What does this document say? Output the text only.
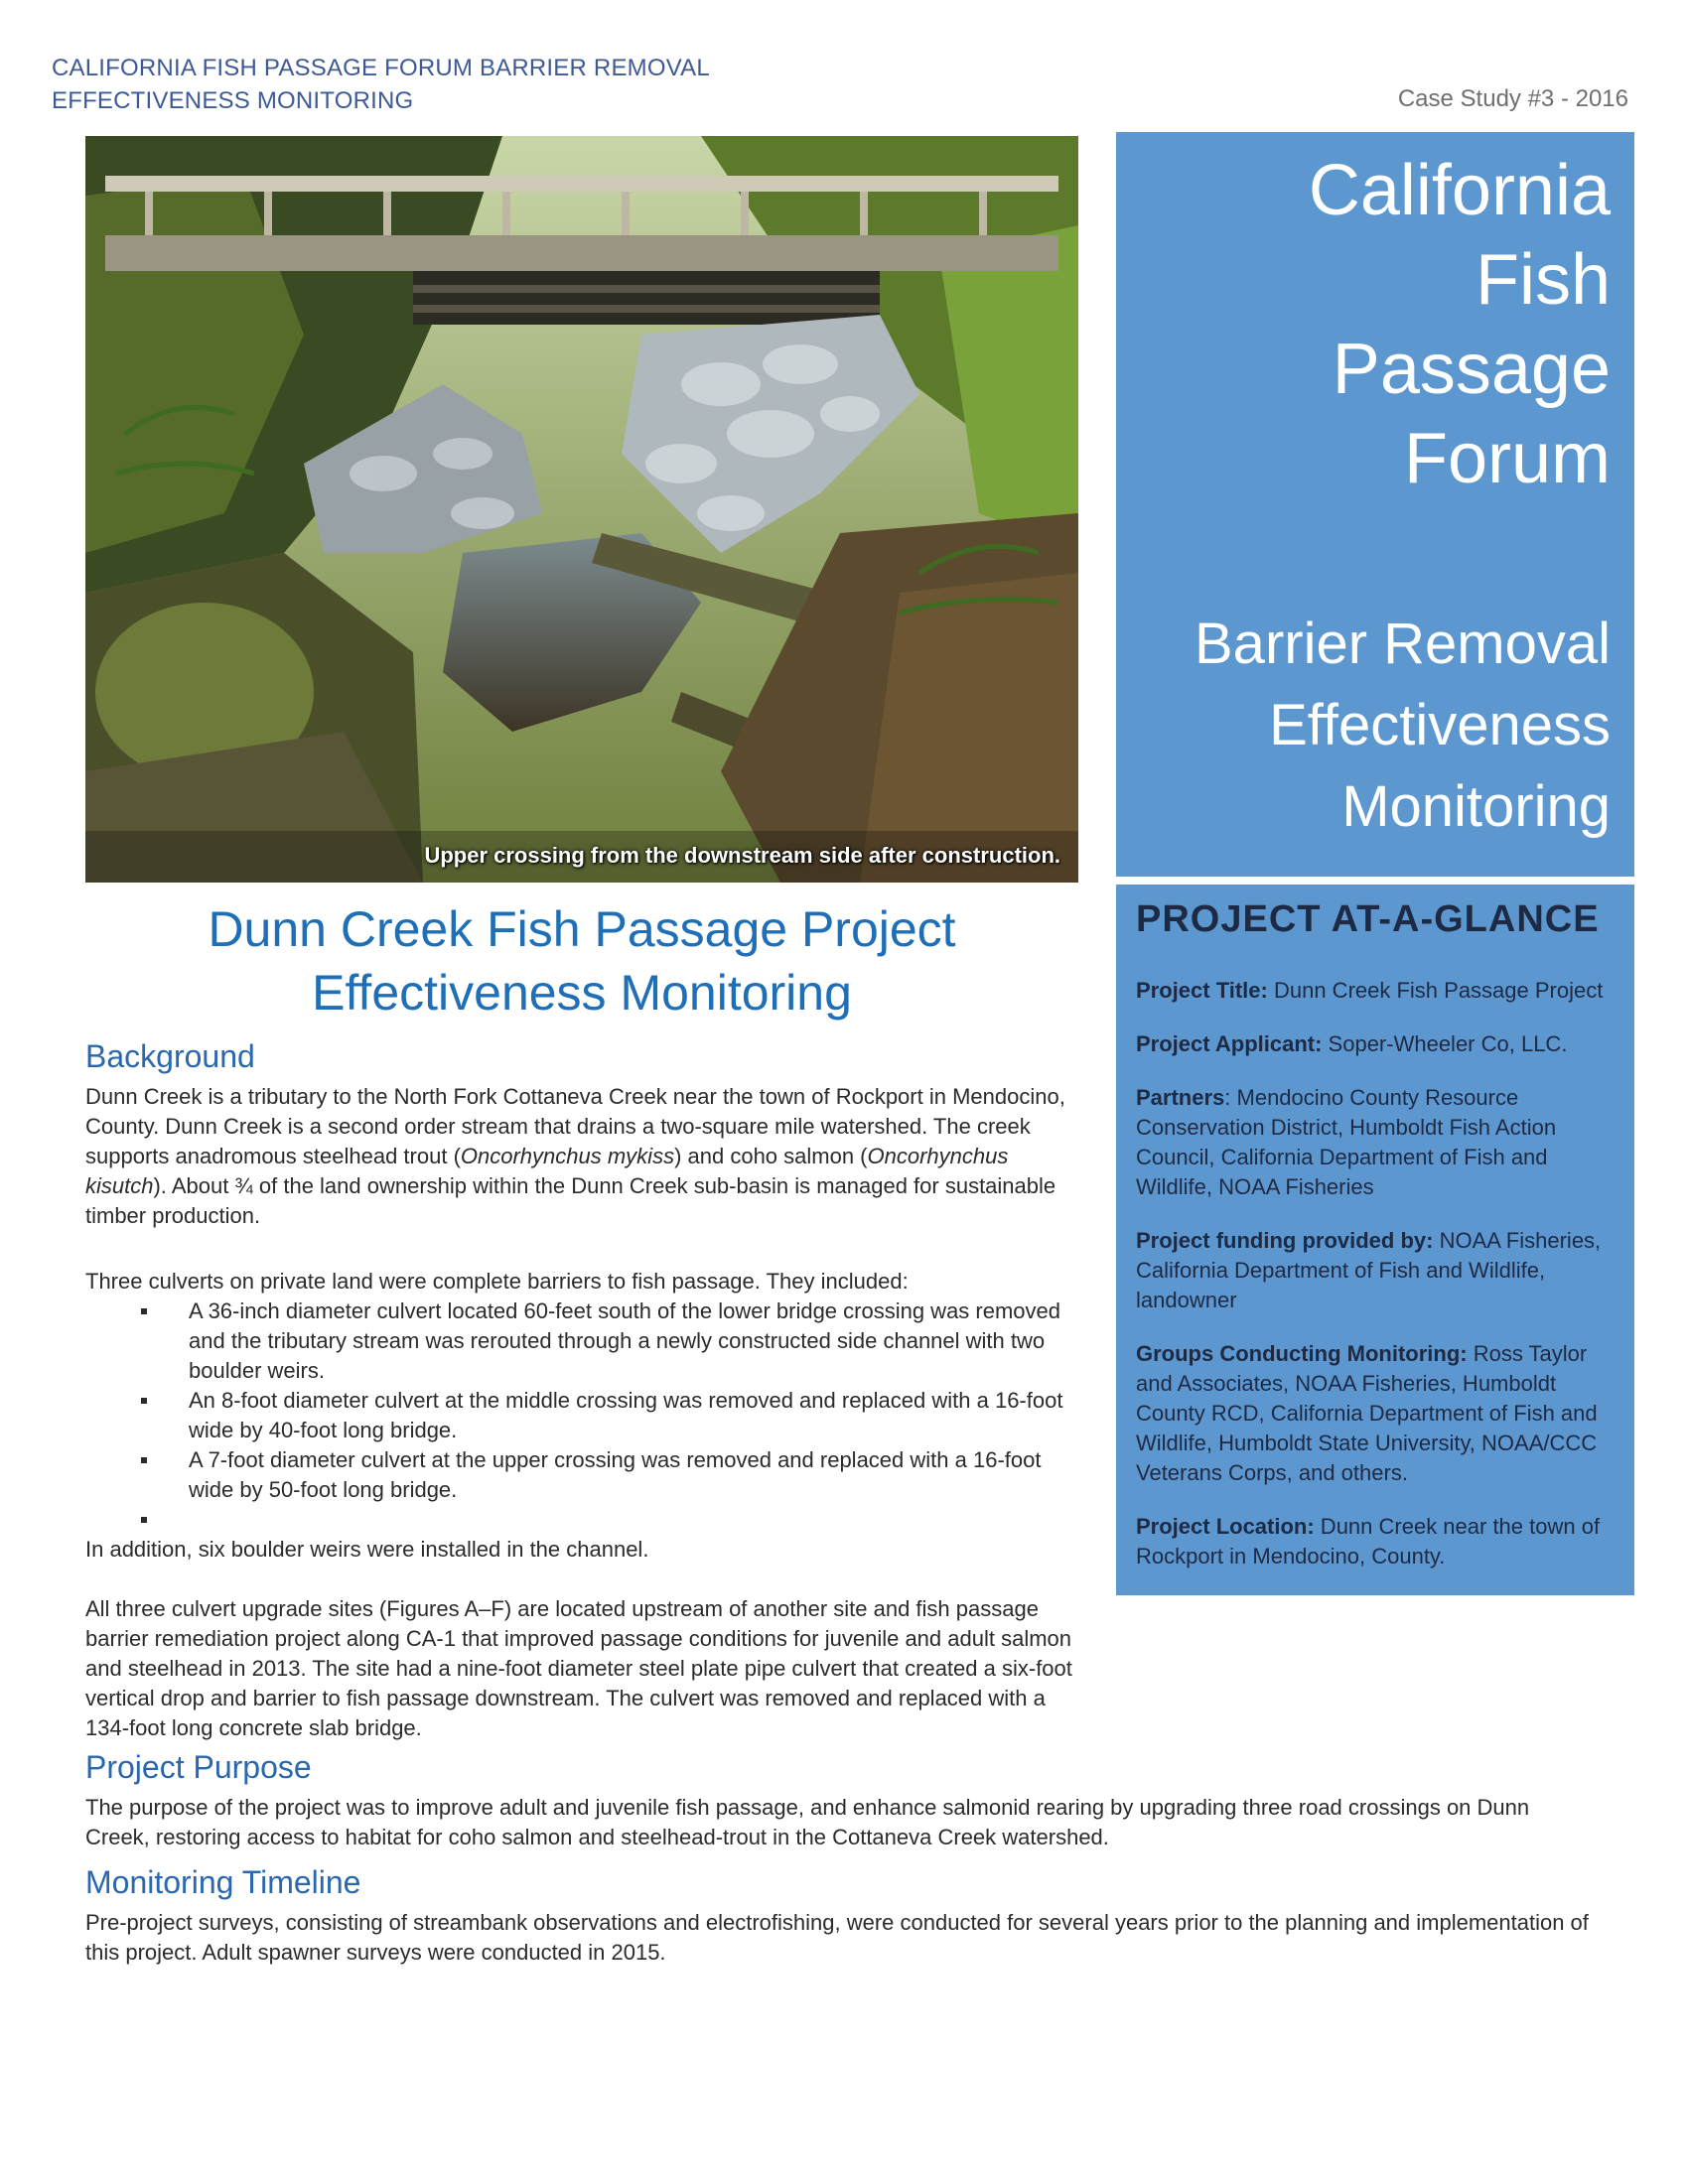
CALIFORNIA FISH PASSAGE FORUM BARRIER REMOVAL
EFFECTIVENESS MONITORING	Case Study #3 - 2016
Upper crossing from the downstream side after construction.
California
Fish
Passage
Forum
Barrier Removal
Effectiveness
Monitoring
PROJECT AT-A-GLANCE
Project Title: Dunn Creek Fish Passage Project
Project Applicant: Soper-Wheeler Co, LLC.
Partners: Mendocino County Resource Conservation District, Humboldt Fish Action Council, California Department of Fish and Wildlife, NOAA Fisheries
Project funding provided by: NOAA Fisheries, California Department of Fish and Wildlife, landowner
Groups Conducting Monitoring: Ross Taylor and Associates, NOAA Fisheries, Humboldt County RCD, California Department of Fish and Wildlife, Humboldt State University, NOAA/CCC Veterans Corps, and others.
Project Location: Dunn Creek near the town of Rockport in Mendocino, County.
Dunn Creek Fish Passage Project
Effectiveness Monitoring
Background
Dunn Creek is a tributary to the North Fork Cottaneva Creek near the town of Rockport in Mendocino, County. Dunn Creek is a second order stream that drains a two-square mile watershed. The creek supports anadromous steelhead trout (Oncorhynchus mykiss) and coho salmon (Oncorhynchus kisutch). About ¾ of the land ownership within the Dunn Creek sub-basin is managed for sustainable timber production.
Three culverts on private land were complete barriers to fish passage. They included:
A 36-inch diameter culvert located 60-feet south of the lower bridge crossing was removed and the tributary stream was rerouted through a newly constructed side channel with two boulder weirs.
An 8-foot diameter culvert at the middle crossing was removed and replaced with a 16-foot wide by 40-foot long bridge.
A 7-foot diameter culvert at the upper crossing was removed and replaced with a 16-foot wide by 50-foot long bridge.
In addition, six boulder weirs were installed in the channel.
All three culvert upgrade sites (Figures A–F) are located upstream of another site and fish passage barrier remediation project along CA-1 that improved passage conditions for juvenile and adult salmon and steelhead in 2013. The site had a nine-foot diameter steel plate pipe culvert that created a six-foot vertical drop and barrier to fish passage downstream. The culvert was removed and replaced with a 134-foot long concrete slab bridge.
Project Purpose
The purpose of the project was to improve adult and juvenile fish passage, and enhance salmonid rearing by upgrading three road crossings on Dunn Creek, restoring access to habitat for coho salmon and steelhead-trout in the Cottaneva Creek watershed.
Monitoring Timeline
Pre-project surveys, consisting of streambank observations and electrofishing, were conducted for several years prior to the planning and implementation of this project. Adult spawner surveys were conducted in 2015.
